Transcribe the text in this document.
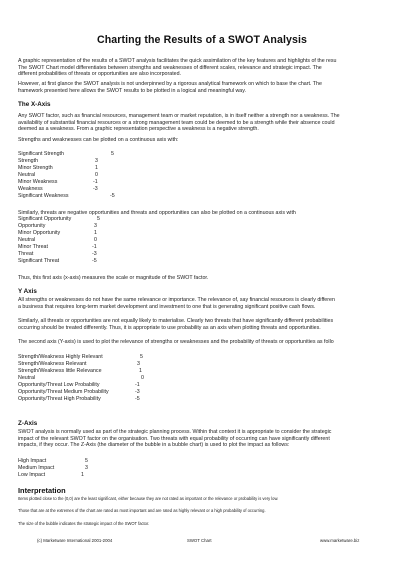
Charting the Results of a SWOT Analysis
A graphic representation of the results of a SWOT analysis facilitates the quick assimilation of the key features and highlights of the resu
The SWOT Chart model differentiates between strengths and weaknesses of different scales, relevance and strategic impact. The
different probabilities of threats or opportunities are also incorporated.
However, at first glance the SWOT analysis is not underpinned by a rigorous analytical framework on which to base the chart. The
framework presented here allows the SWOT results to be plotted in a logical and meaningful way.
The X-Axis
Any SWOT factor, such as financial resources, management team or market reputation, is in itself neither a strength nor a weakness. The
availability of substantial financial resources or a strong management team could be deemed to be a strength while their absence could
deemed as a weakness. From a graphic representation perspective a weakness is a negative strength.
Strengths and weaknesses can be plotted on a continuous axis with:
Significant Strength	5
Strength	3
Minor Strength	1
Neutral	0
Minor Weakness	-1
Weakness	-3
Significant Weakness	-5
Similarly, threats are negative opportunities and threats and opportunities can also be plotted on a continuous axis with
Significant Opportunity	5
Opportunity	3
Minor Opportunity	1
Neutral	0
Minor Threat	-1
Threat	-3
Significant Threat	-5
Thus, this first axis (x-axis) measures the scale or magnitude of the SWOT factor.
Y Axis
All strengths or weaknesses do not have the same relevance or importance. The relevance of, say financial resources is clearly differen
a business that requires long-term market development and investment to one that is generating significant positive cash flows.
Similarly, all threats or opportunities are not equally likely to materialise. Clearly two threats that have significantly different probabilities
occurring should be treated differently. Thus, it is appropriate to use probability as an axis when plotting threats and opportunities.
The second axis (Y-axis) is used to plot the relevance of strengths or weaknesses and the probability of threats or opportunities as follo
Strength/Weakness Highly Relevant	5
Strength/Weakness Relevant	3
Strength/Weakness little Relevance	1
Neutral	0
Opportunity/Threat Low Probability	-1
Opportunity/Threat Medium Probability	-3
Opportunity/Threat High Probability	-5
Z-Axis
SWOT analysis is normally used as part of the strategic planning process. Within that context it is appropriate to consider the strategic
impact of the relevant SWOT factor on the organisation. Two threats with equal probability of occurring can have significantly different
impacts, if they occur. The Z-Axis (the diameter of the bubble in a bubble chart) is used to plot the impact as follows:
High Impact	5
Medium Impact	3
Low Impact	1
Interpretation
Items plotted close to the (0,0) are the least significant, either because they are not rated as important or the relevance or probability is very low.
Those that are at the extremes of the chart are rated as most important and are rated as highly relevant or a high probability of occurring.
The size of the bubble indicates the strategic impact of the SWOT factor.
(c) Marketware International 2001-2004	SWOT Chart	www.marketware.biz
